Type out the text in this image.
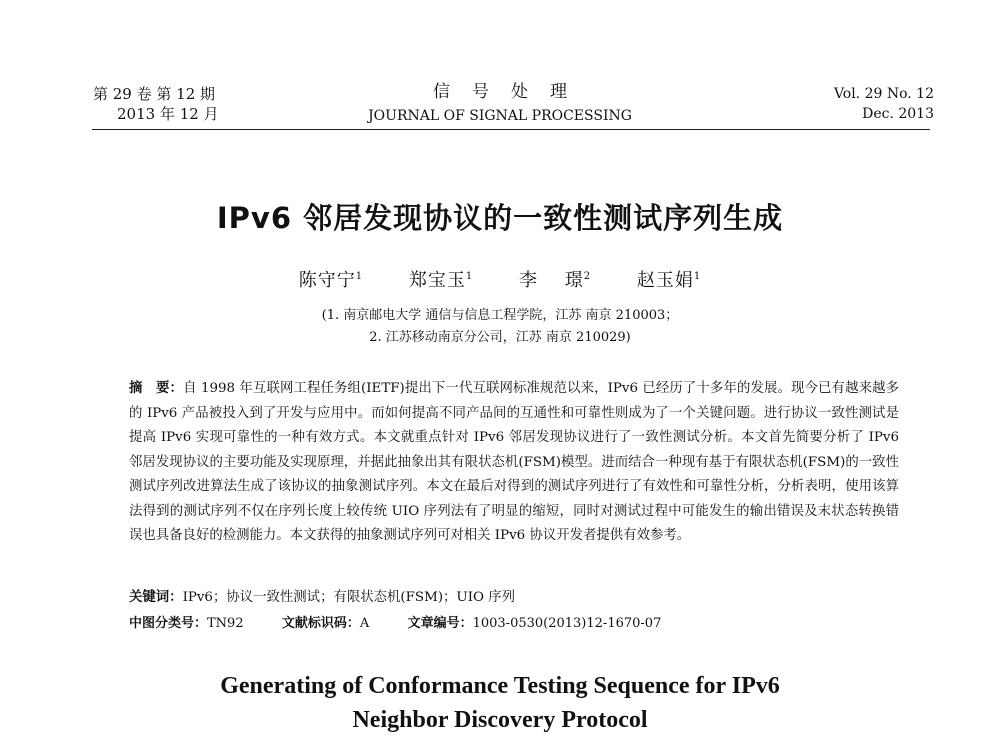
第 29 卷 第 12 期
2013 年 12 月
信号处理
JOURNAL OF SIGNAL PROCESSING
Vol. 29 No. 12
Dec. 2013
IPv6 邻居发现协议的一致性测试序列生成
陈守宁$^1$	郑宝玉$^1$	李 璟$^2$	赵玉娟$^1$
(1. 南京邮电大学 通信与信息工程学院，江苏 南京 210003；
2. 江苏移动南京分公司，江苏 南京 210029)
摘　要：自 1998 年互联网工程任务组(IETF)提出下一代互联网标准规范以来，IPv6 已经历了十多年的发展。现今已有越来越多的 IPv6 产品被投入到了开发与应用中。而如何提高不同产品间的互通性和可靠性则成为了一个关键问题。进行协议一致性测试是提高 IPv6 实现可靠性的一种有效方式。本文就重点针对 IPv6 邻居发现协议进行了一致性测试分析。本文首先简要分析了 IPv6 邻居发现协议的主要功能及实现原理，并据此抽象出其有限状态机(FSM)模型。进而结合一种现有基于有限状态机(FSM)的一致性测试序列改进算法生成了该协议的抽象测试序列。本文在最后对得到的测试序列进行了有效性和可靠性分析，分析表明，使用该算法得到的测试序列不仅在序列长度上较传统 UIO 序列法有了明显的缩短，同时对测试过程中可能发生的输出错误及末状态转换错误也具备良好的检测能力。本文获得的抽象测试序列可对相关 IPv6 协议开发者提供有效参考。
关键词：IPv6；协议一致性测试；有限状态机(FSM)；UIO 序列
中图分类号：TN92	文献标识码：A	文章编号：1003-0530(2013)12-1670-07
Generating of Conformance Testing Sequence for IPv6
Neighbor Discovery Protocol
